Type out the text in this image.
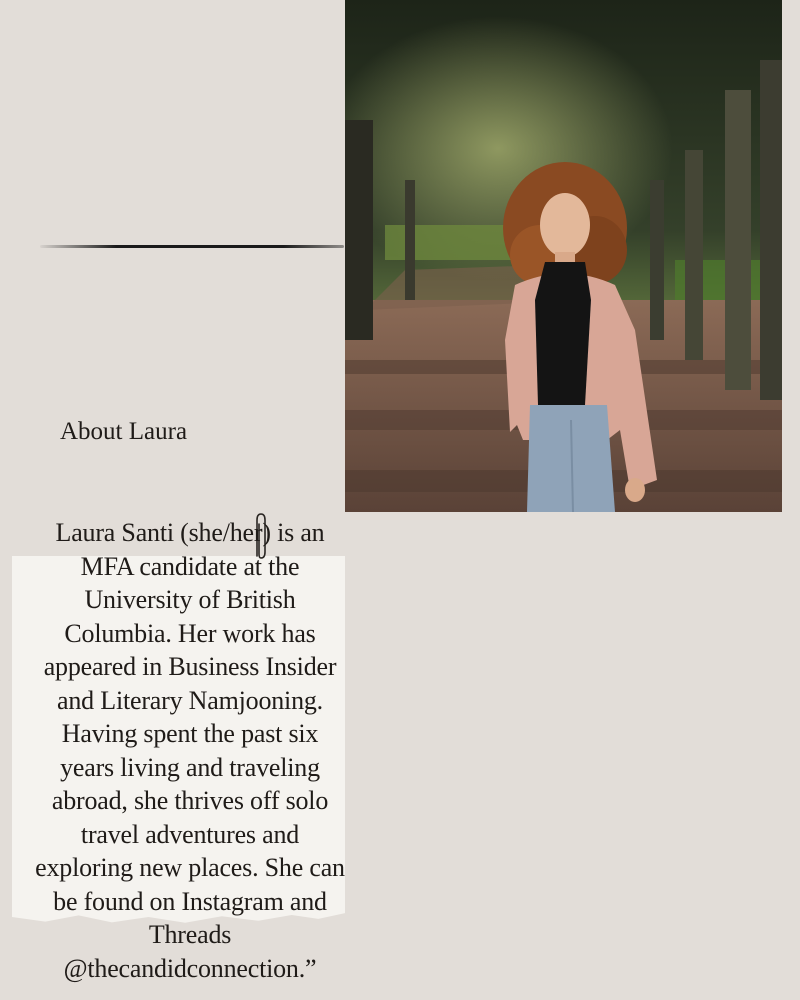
About Laura
Laura Santi (she/her) is an
MFA candidate at the
University of British
Columbia. Her work has
appeared in Business Insider
and Literary Namjooning.
Having spent the past six
years living and traveling
abroad, she thrives off solo
travel adventures and
exploring new places. She can
be found on Instagram and
Threads
@thecandidconnection.”
